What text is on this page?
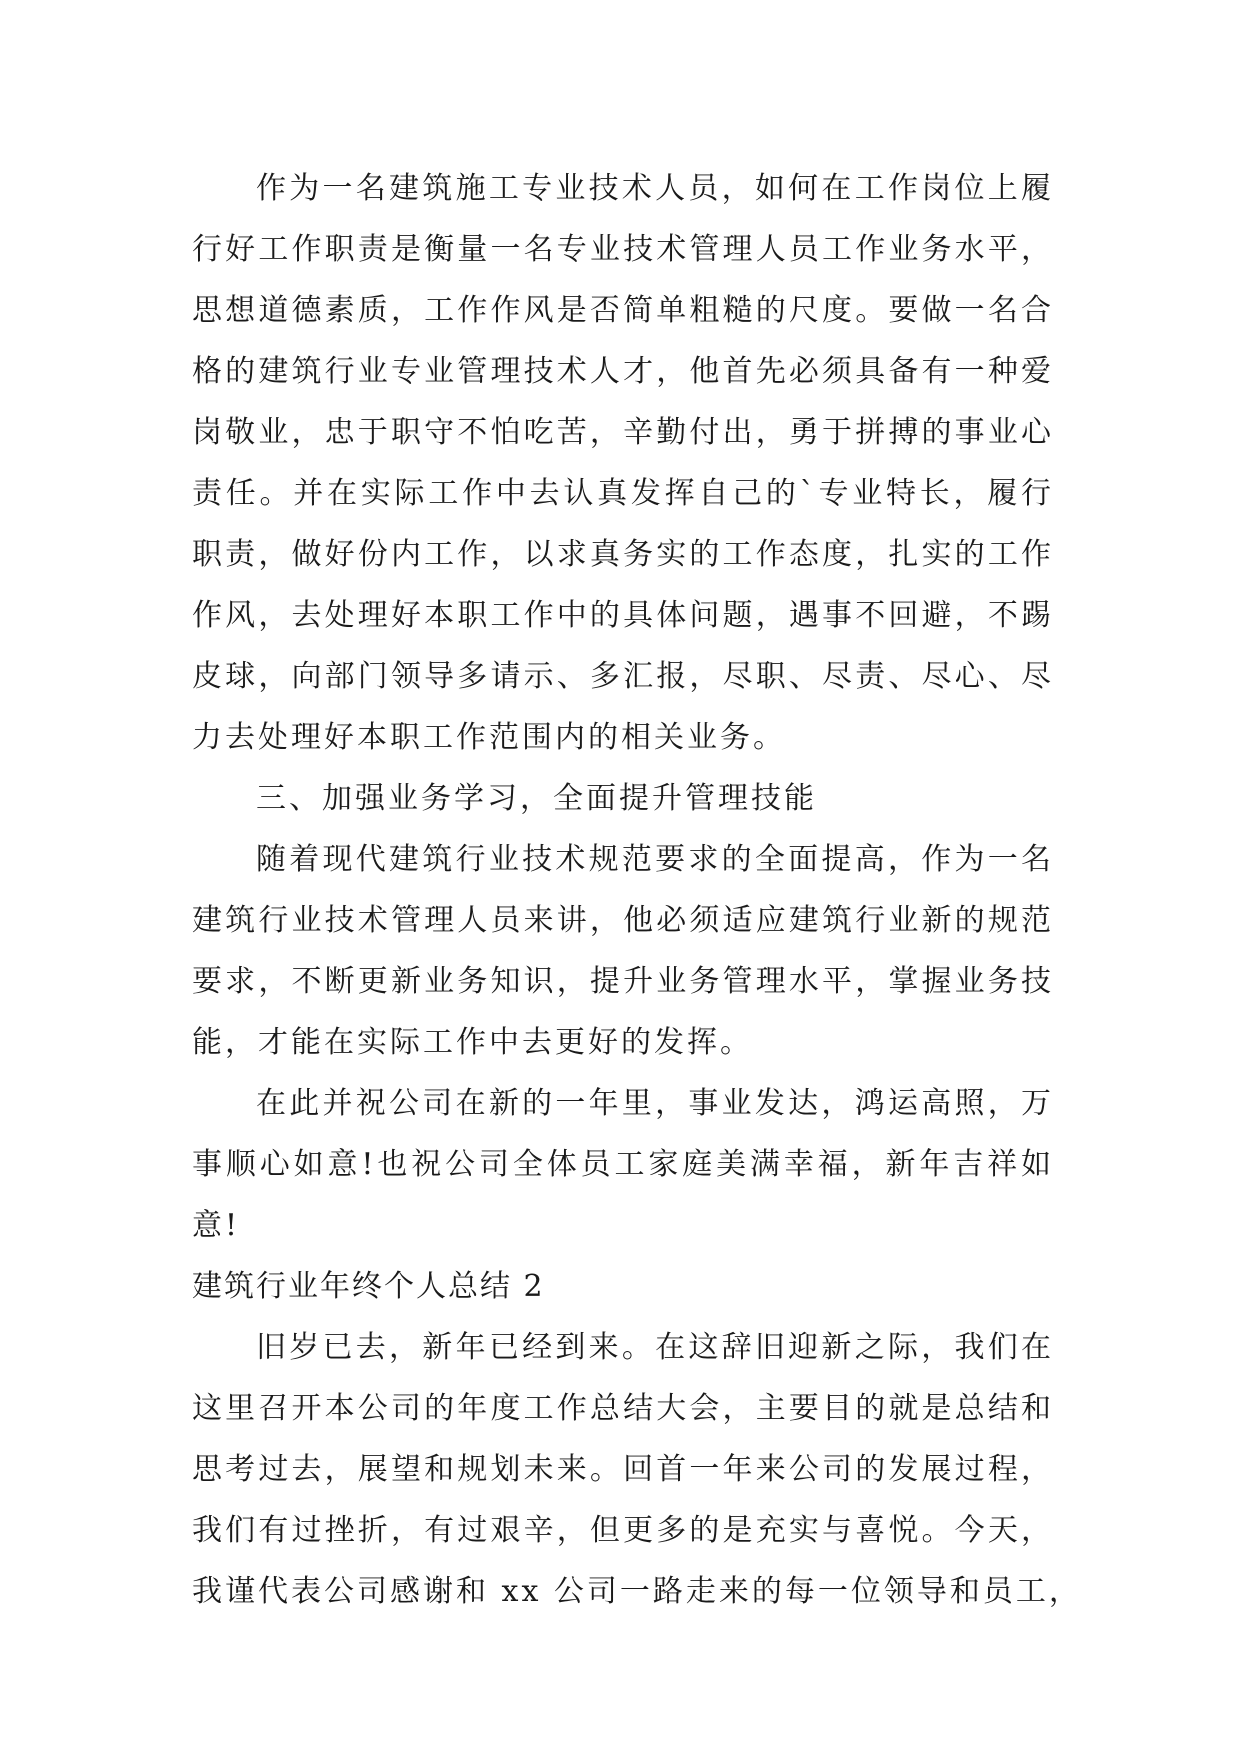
作为一名建筑施工专业技术人员，如何在工作岗位上履
行好工作职责是衡量一名专业技术管理人员工作业务水平，
思想道德素质，工作作风是否简单粗糙的尺度。要做一名合
格的建筑行业专业管理技术人才，他首先必须具备有一种爱
岗敬业，忠于职守不怕吃苦，辛勤付出，勇于拼搏的事业心
责任。并在实际工作中去认真发挥自己的`专业特长，履行
职责，做好份内工作，以求真务实的工作态度，扎实的工作
作风，去处理好本职工作中的具体问题，遇事不回避，不踢
皮球，向部门领导多请示、多汇报，尽职、尽责、尽心、尽
力去处理好本职工作范围内的相关业务。
三、加强业务学习，全面提升管理技能
随着现代建筑行业技术规范要求的全面提高，作为一名
建筑行业技术管理人员来讲，他必须适应建筑行业新的规范
要求，不断更新业务知识，提升业务管理水平，掌握业务技
能，才能在实际工作中去更好的发挥。
在此并祝公司在新的一年里，事业发达，鸿运高照，万
事顺心如意!也祝公司全体员工家庭美满幸福，新年吉祥如
意!
建筑行业年终个人总结 2
旧岁已去，新年已经到来。在这辞旧迎新之际，我们在
这里召开本公司的年度工作总结大会，主要目的就是总结和
思考过去，展望和规划未来。回首一年来公司的发展过程，
我们有过挫折，有过艰辛，但更多的是充实与喜悦。今天，
我谨代表公司感谢和 xx 公司一路走来的每一位领导和员工，
